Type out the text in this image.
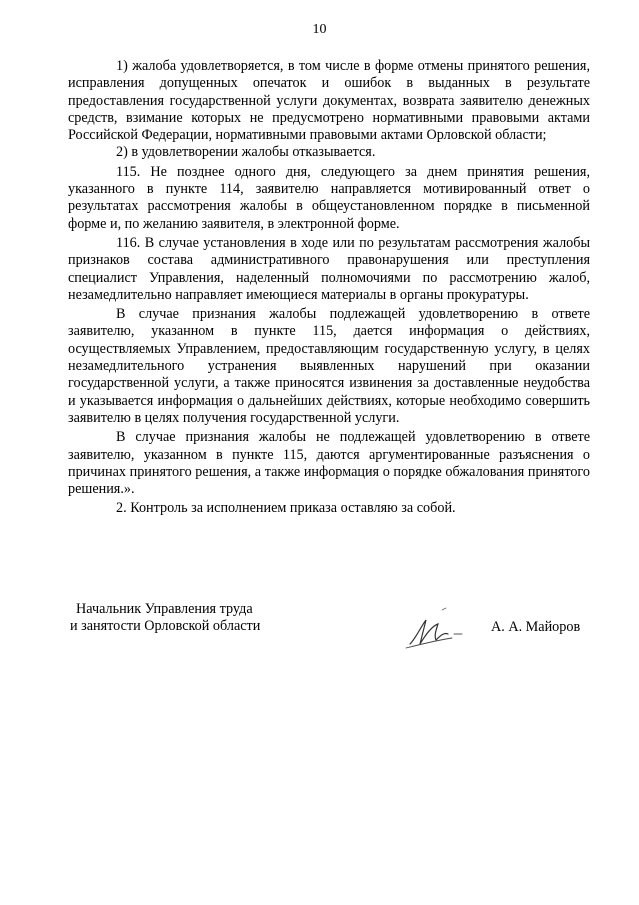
10

1) жалоба удовлетворяется, в том числе в форме отмены принятого решения, исправления допущенных опечаток и ошибок в выданных в результате предоставления государственной услуги документах, возврата заявителю денежных средств, взимание которых не предусмотрено нормативными правовыми актами Российской Федерации, нормативными правовыми актами Орловской области;

2) в удовлетворении жалобы отказывается.

115. Не позднее одного дня, следующего за днем принятия решения, указанного в пункте 114, заявителю направляется мотивированный ответ о результатах рассмотрения жалобы в общеустановленном порядке в письменной форме и, по желанию заявителя, в электронной форме.

116. В случае установления в ходе или по результатам рассмотрения жалобы признаков состава административного правонарушения или преступления специалист Управления, наделенный полномочиями по рассмотрению жалоб, незамедлительно направляет имеющиеся материалы в органы прокуратуры.

В случае признания жалобы подлежащей удовлетворению в ответе заявителю, указанном в пункте 115, дается информация о действиях, осуществляемых Управлением, предоставляющим государственную услугу, в целях незамедлительного устранения выявленных нарушений при оказании государственной услуги, а также приносятся извинения за доставленные неудобства и указывается информация о дальнейших действиях, которые необходимо совершить заявителю в целях получения государственной услуги.

В случае признания жалобы не подлежащей удовлетворению в ответе заявителю, указанном в пункте 115, даются аргументированные разъяснения о причинах принятого решения, а также информация о порядке обжалования принятого решения.».

2. Контроль за исполнением приказа оставляю за собой.

Начальник Управления труда
и занятости Орловской области	А. А. Майоров
